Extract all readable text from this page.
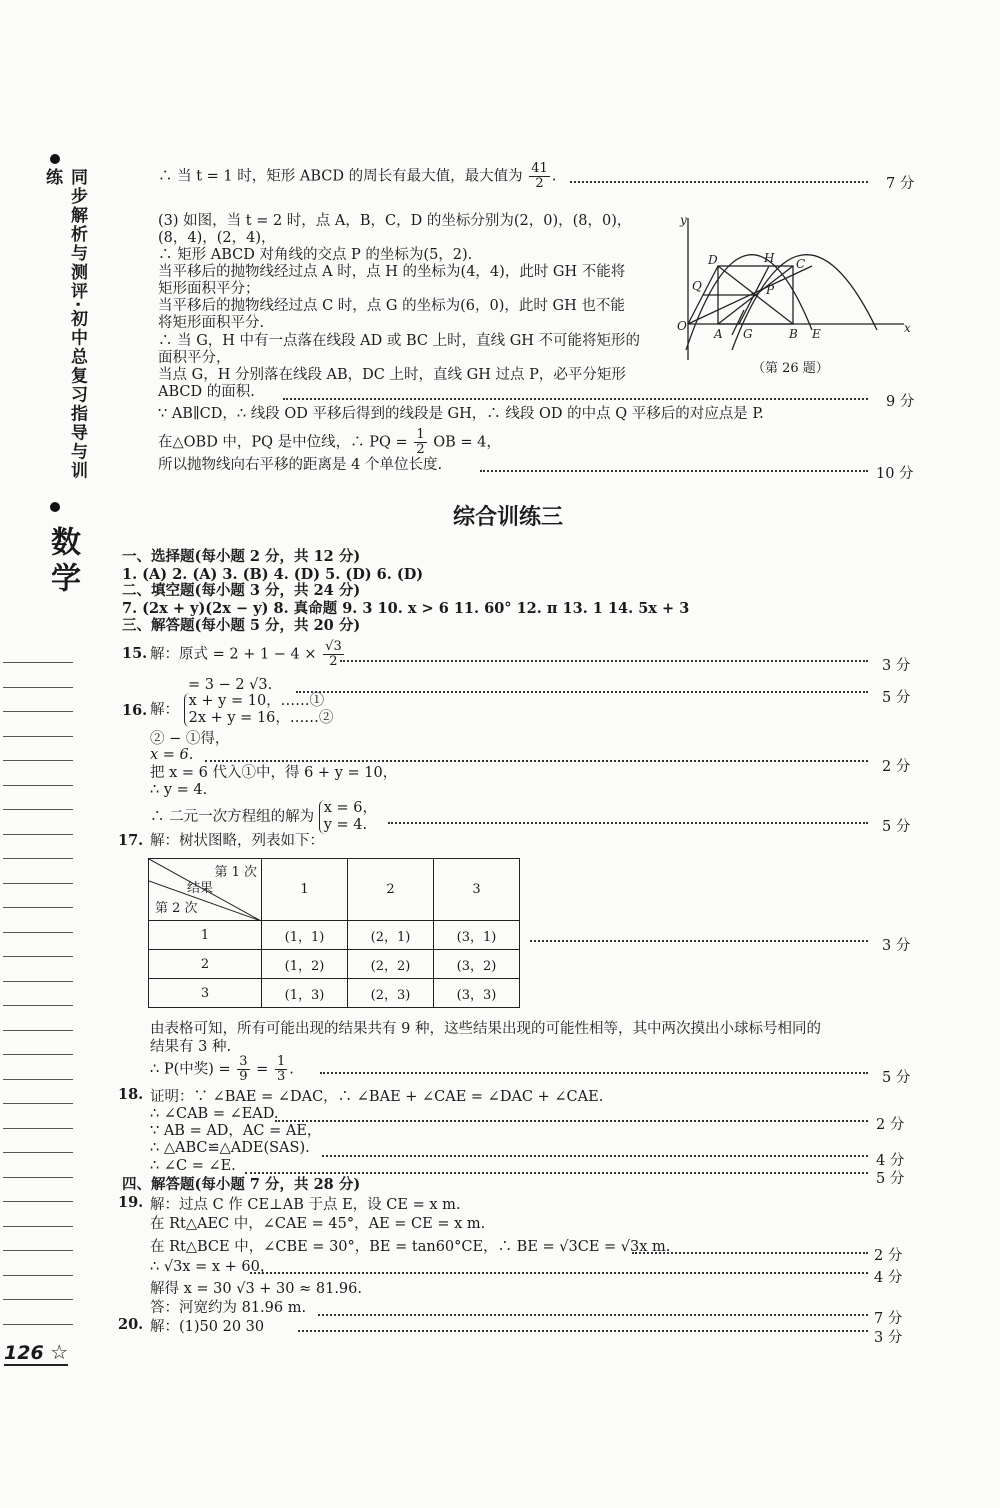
同步解析与测评·初中总复习指导与训练
数学
126 ☆
∴ 当 t = 1 时，矩形 ABCD 的周长有最大值，最大值为 $\frac{41}{2}$ .	7 分
(3) 如图，当 t = 2 时，点 A，B，C，D 的坐标分别为(2，0)，(8，0)，
(8，4)，(2，4)，
∴ 矩形 ABCD 对角线的交点 P 的坐标为(5，2).
当平移后的抛物线经过点 A 时，点 H 的坐标为(4，4)，此时 GH 不能将
矩形面积平分；
当平移后的抛物线经过点 C 时，点 G 的坐标为(6，0)，此时 GH 也不能
将矩形面积平分.
∴ 当 G，H 中有一点落在线段 AD 或 BC 上时，直线 GH 不可能将矩形的
面积平分，
当点 G，H 分别落在线段 AB，DC 上时，直线 GH 过点 P，必平分矩形
ABCD 的面积.
9 分
∵ AB∥CD，∴ 线段 OD 平移后得到的线段是 GH，∴ 线段 OD 的中点 Q 平移后的对应点是 P.
在△OBD 中，PQ 是中位线，∴ PQ = $\frac{1}{2}$ OB = 4，
所以抛物线向右平移的距离是 4 个单位长度.
10 分
y
x
O
A G	B E
D	H C
Q	P
（第 26 题）
综合训练三
一、选择题(每小题 2 分，共 12 分)
1. (A) 2. (A) 3. (B) 4. (D) 5. (D) 6. (D)
二、填空题(每小题 3 分，共 24 分)
7. (2x + y)(2x − y) 8. 真命题 9. 3 10. x > 6 11. 60° 12. π 13. 1 14. 5x + 3
三、解答题(每小题 5 分，共 20 分)
15. 解：原式 = $2 + 1 - 4 \times \frac{√3}{2}$	3 分
= 3 − 2 √3.
5 分
16. 解： x + y = 10，……①
2x + y = 16，……②
② − ①得，
x = 6.
2 分
把 x = 6 代入①中，得 6 + y = 10，
∴ y = 4.
∴ 二元一次方程组的解为 x = 6，
y = 4.	5 分
17. 解：树状图略，列表如下：
第 1 次
结果
第 2 次	1	2	3
1	(1，1)	(2，1)	(3，1)
2	(1，2)	(2，2)	(3，2)
3	(1，3)	(2，3)	(3，3)
3 分
由表格可知，所有可能出现的结果共有 9 种，这些结果出现的可能性相等，其中两次摸出小球标号相同的
结果有 3 种.
∴ P(中奖) = $\frac{3}{9} = \frac{1}{3}$ .
5 分
18. 证明：∵ ∠BAE = ∠DAC，∴ ∠BAE + ∠CAE = ∠DAC + ∠CAE.
∴ ∠CAB = ∠EAD.
2 分
∵ AB = AD，AC = AE，
∴ △ABC≌△ADE(SAS).
4 分
∴ ∠C = ∠E.
5 分
四、解答题(每小题 7 分，共 28 分)
19. 解：过点 C 作 CE⊥AB 于点 E，设 CE = x m.
在 Rt△AEC 中，∠CAE = 45°，AE = CE = x m.
在 Rt△BCE 中，∠CBE = 30°，BE = tan60°CE，∴ BE = √3CE = √3x m.
2 分
∴ √3x = x + 60，
4 分
解得 x = 30 √3 + 30 ≈ 81.96.
答：河宽约为 81.96 m.
7 分
20. 解：(1)50 20 30
3 分
